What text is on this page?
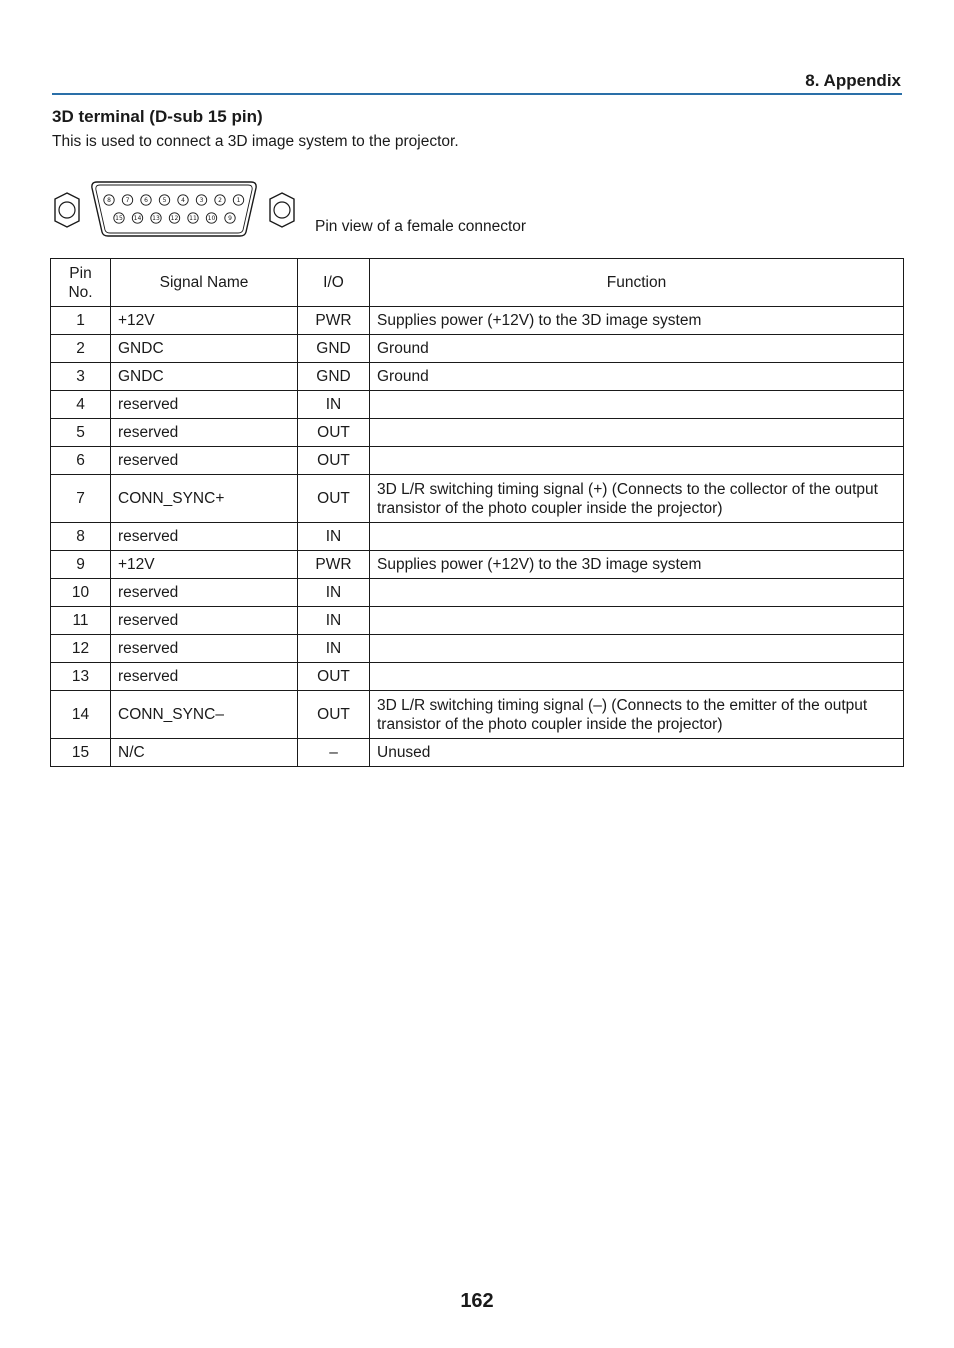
8. Appendix
3D terminal (D-sub 15 pin)
This is used to connect a 3D image system to the projector.
8 7 6 5 4 3 2 1
15 14 13 12 11 10 9	Pin view of a female connector
Pin
No.	Signal Name	I/O	Function
1	+12V	PWR	Supplies power (+12V) to the 3D image system
2	GNDC	GND	Ground
3	GNDC	GND	Ground
4	reserved	IN	
5	reserved	OUT	
6	reserved	OUT	
7	CONN_SYNC+	OUT	3D L/R switching timing signal (+) (Connects to the collector of the output transistor of the photo coupler inside the projector)
8	reserved	IN	
9	+12V	PWR	Supplies power (+12V) to the 3D image system
10	reserved	IN	
11	reserved	IN	
12	reserved	IN	
13	reserved	OUT	
14	CONN_SYNC–	OUT	3D L/R switching timing signal (–) (Connects to the emitter of the output transistor of the photo coupler inside the projector)
15	N/C	–	Unused
162
